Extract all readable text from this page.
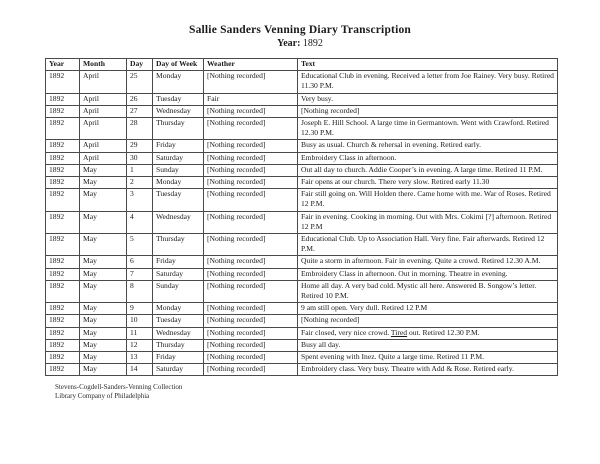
Sallie Sanders Venning Diary Transcription
Year: 1892
Year	Month	Day	Day of Week	Weather	Text
1892	April	25	Monday	[Nothing recorded]	Educational Club in evening. Received a letter from Joe Rainey. Very busy. Retired 11.30 P.M.
1892	April	26	Tuesday	Fair	Very busy.
1892	April	27	Wednesday	[Nothing recorded]	[Nothing recorded]
1892	April	28	Thursday	[Nothing recorded]	Joseph E. Hill School. A large time in Germantown. Went with Crawford. Retired 12.30 P.M.
1892	April	29	Friday	[Nothing recorded]	Busy as usual. Church & rehersal in evening. Retired early.
1892	April	30	Saturday	[Nothing recorded]	Embroidery Class in afternoon.
1892	May	1	Sunday	[Nothing recorded]	Out all day to church. Addie Cooper’s in evening. A large time. Retired 11 P.M.
1892	May	2	Monday	[Nothing recorded]	Fair opens at our church. There very slow. Retired early 11.30
1892	May	3	Tuesday	[Nothing recorded]	Fair still going on. Will Holden there. Came home with me. War of Roses. Retired 12 P.M.
1892	May	4	Wednesday	[Nothing recorded]	Fair in evening. Cooking in morning. Out with Mrs. Cokimi [?] afternoon. Retired 12 P.M
1892	May	5	Thursday	[Nothing recorded]	Educational Club. Up to Association Hall. Very fine. Fair afterwards. Retired 12 P.M.
1892	May	6	Friday	[Nothing recorded]	Quite a storm in afternoon. Fair in evening. Quite a crowd. Retired 12.30 A.M.
1892	May	7	Saturday	[Nothing recorded]	Embroidery Class in afternoon. Out in morning. Theatre in evening.
1892	May	8	Sunday	[Nothing recorded]	Home all day. A very bad cold. Mystic all here. Answered B. Songow’s letter. Retired 10 P.M.
1892	May	9	Monday	[Nothing recorded]	9 am still open. Very dull. Retired 12 P.M
1892	May	10	Tuesday	[Nothing recorded]	[Nothing recorded]
1892	May	11	Wednesday	[Nothing recorded]	Fair closed, very nice crowd. Tired out. Retired 12.30 P.M.
1892	May	12	Thursday	[Nothing recorded]	Busy all day.
1892	May	13	Friday	[Nothing recorded]	Spent evening with Inez. Quite a large time. Retired 11 P.M.
1892	May	14	Saturday	[Nothing recorded]	Embroidery class. Very busy. Theatre with Add & Rose. Retired early.
Stevens-Cogdell-Sanders-Venning Collection
Library Company of Philadelphia
